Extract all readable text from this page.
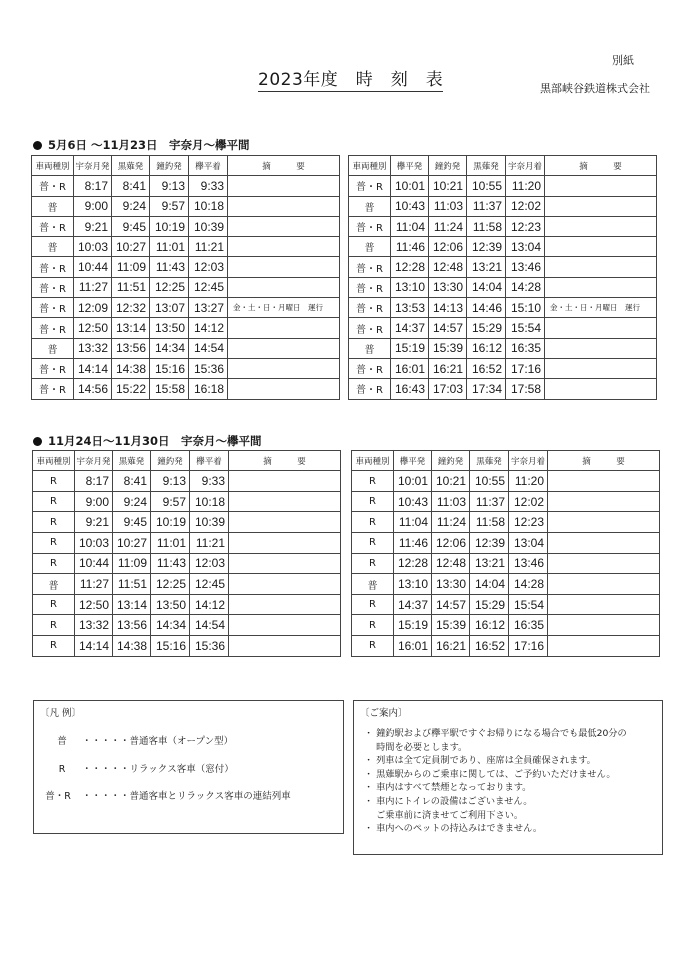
別紙
2023年度　時　刻　表	黒部峡谷鉄道株式会社
5月6日 ～11月23日　宇奈月～欅平間
車両種別	宇奈月発	黒薙発	鐘釣発	欅平着	摘　　　要
普・R	8:17	8:41	9:13	9:33	
普	9:00	9:24	9:57	10:18	
普・R	9:21	9:45	10:19	10:39	
普	10:03	10:27	11:01	11:21	
普・R	10:44	11:09	11:43	12:03	
普・R	11:27	11:51	12:25	12:45	
普・R	12:09	12:32	13:07	13:27	金・土・日・月曜日　運行
普・R	12:50	13:14	13:50	14:12	
普	13:32	13:56	14:34	14:54	
普・R	14:14	14:38	15:16	15:36	
普・R	14:56	15:22	15:58	16:18	
車両種別	欅平発	鐘釣発	黒薙発	宇奈月着	摘　　　要
普・R	10:01	10:21	10:55	11:20	
普	10:43	11:03	11:37	12:02	
普・R	11:04	11:24	11:58	12:23	
普	11:46	12:06	12:39	13:04	
普・R	12:28	12:48	13:21	13:46	
普・R	13:10	13:30	14:04	14:28	
普・R	13:53	14:13	14:46	15:10	金・土・日・月曜日　運行
普・R	14:37	14:57	15:29	15:54	
普	15:19	15:39	16:12	16:35	
普・R	16:01	16:21	16:52	17:16	
普・R	16:43	17:03	17:34	17:58	
11月24日～11月30日　宇奈月～欅平間
車両種別	宇奈月発	黒薙発	鐘釣発	欅平着	摘　　　要
R	8:17	8:41	9:13	9:33	
R	9:00	9:24	9:57	10:18	
R	9:21	9:45	10:19	10:39	
R	10:03	10:27	11:01	11:21	
R	10:44	11:09	11:43	12:03	
普	11:27	11:51	12:25	12:45	
R	12:50	13:14	13:50	14:12	
R	13:32	13:56	14:34	14:54	
R	14:14	14:38	15:16	15:36	
車両種別	欅平発	鐘釣発	黒薙発	宇奈月着	摘　　　要
R	10:01	10:21	10:55	11:20	
R	10:43	11:03	11:37	12:02	
R	11:04	11:24	11:58	12:23	
R	11:46	12:06	12:39	13:04	
R	12:28	12:48	13:21	13:46	
普	13:10	13:30	14:04	14:28	
R	14:37	14:57	15:29	15:54	
R	15:19	15:39	16:12	16:35	
R	16:01	16:21	16:52	17:16	
〔凡 例〕
普 ・・・・・普通客車（オープン型）
R ・・・・・リラックス客車（窓付）
普・R ・・・・・普通客車とリラックス客車の連結列車
〔ご案内〕
・ 鐘釣駅および欅平駅ですぐお帰りになる場合でも最低20分の
　 時間を必要とします。
・ 列車は全て定員制であり、座席は全員確保されます。
・ 黒薙駅からのご乗車に関しては、ご予約いただけません。
・ 車内はすべて禁煙となっております。
・ 車内にトイレの設備はございません。
　 ご乗車前に済ませてご利用下さい。
・ 車内へのペットの持込みはできません。
